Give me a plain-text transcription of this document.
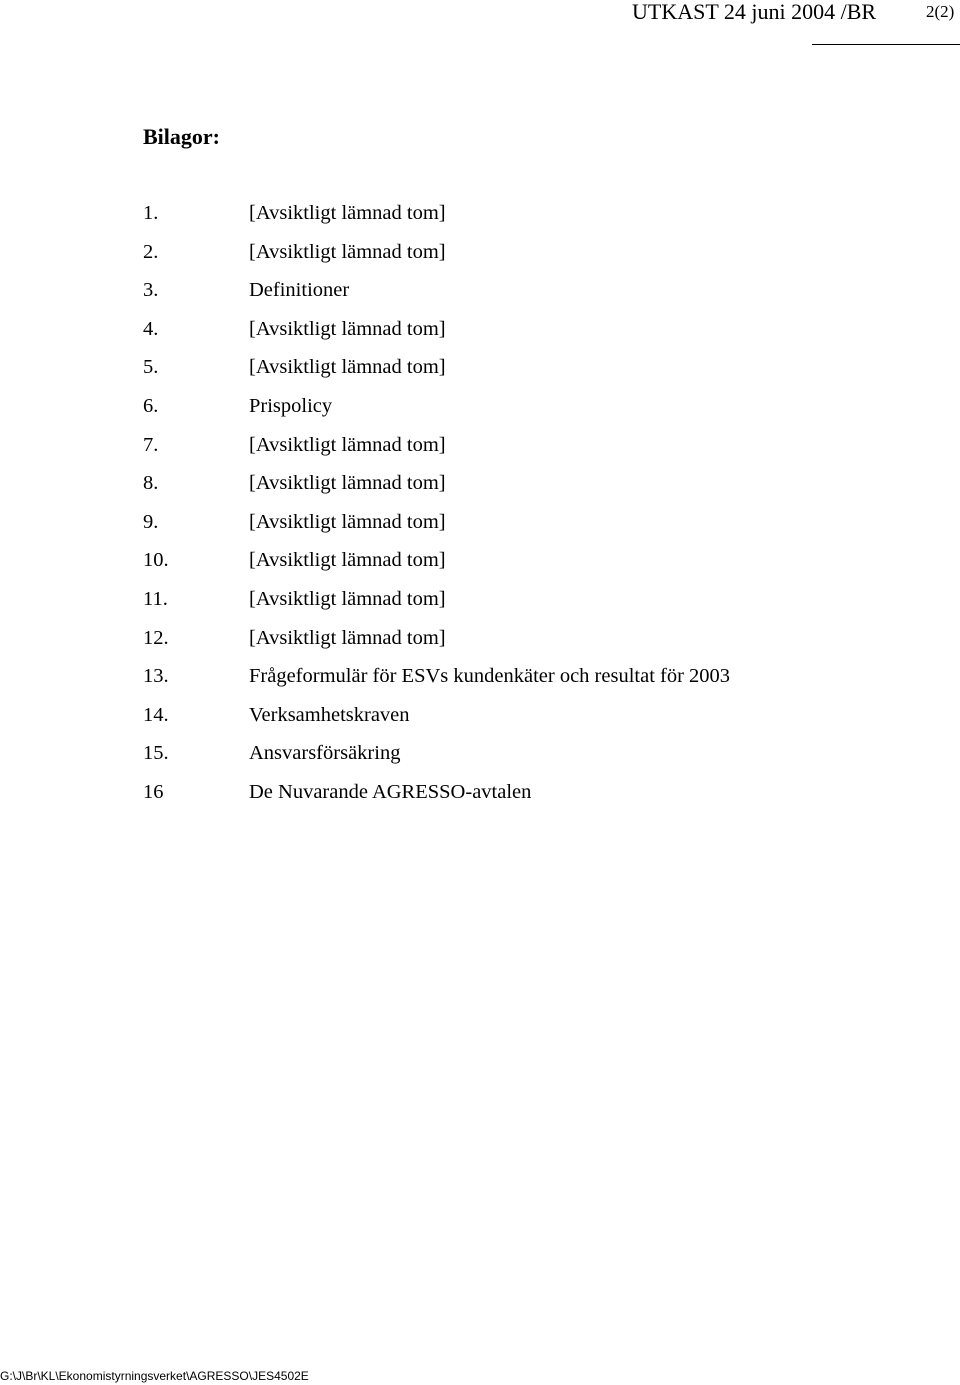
UTKAST 24 juni 2004 /BR	2(2)
Bilagor:
1.	[Avsiktligt lämnad tom]
2.	[Avsiktligt lämnad tom]
3.	Definitioner
4.	[Avsiktligt lämnad tom]
5.	[Avsiktligt lämnad tom]
6.	Prispolicy
7.	[Avsiktligt lämnad tom]
8.	[Avsiktligt lämnad tom]
9.	[Avsiktligt lämnad tom]
10.	[Avsiktligt lämnad tom]
11.	[Avsiktligt lämnad tom]
12.	[Avsiktligt lämnad tom]
13.	Frågeformulär för ESVs kundenkäter och resultat för 2003
14.	Verksamhetskraven
15.	Ansvarsförsäkring
16	De Nuvarande AGRESSO-avtalen
G:\J\Br\KL\Ekonomistyrningsverket\AGRESSO\JES4502E
